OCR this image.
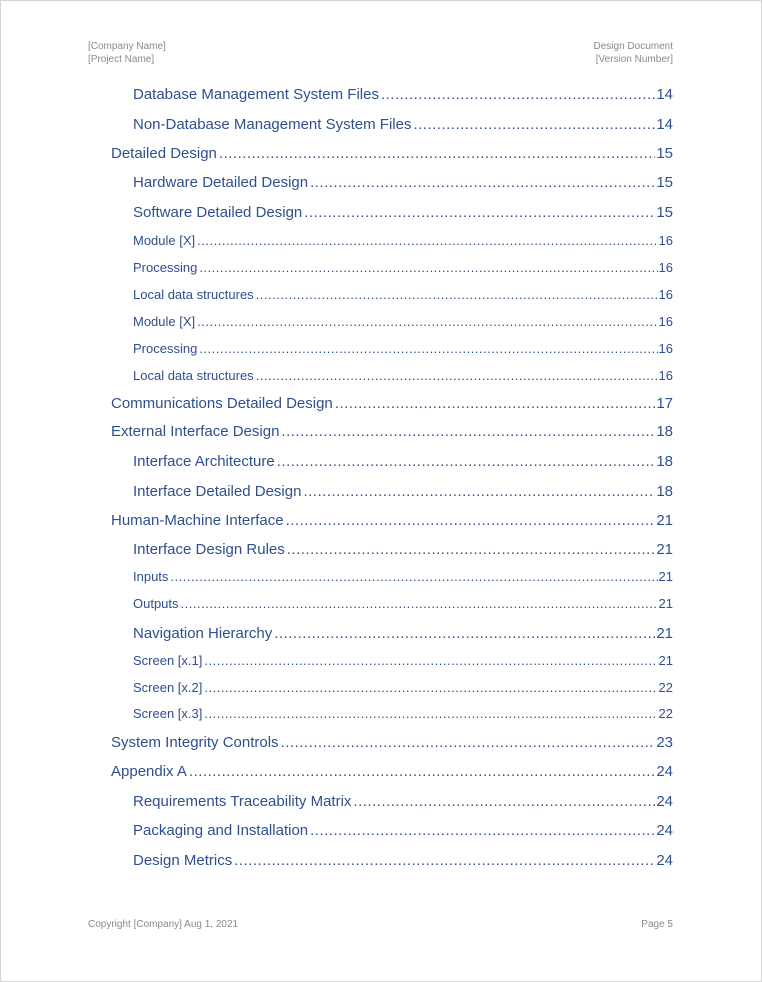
[Company Name]
[Project Name]
Design Document
[Version Number]
Database Management System Files .....	14
Non-Database Management System Files .....	14
Detailed Design .....	15
Hardware Detailed Design .....	15
Software Detailed Design .....	15
Module [X] .....	16
Processing .....	16
Local data structures .....	16
Module [X] .....	16
Processing .....	16
Local data structures .....	16
Communications Detailed Design .....	17
External Interface Design .....	18
Interface Architecture .....	18
Interface Detailed Design .....	18
Human-Machine Interface .....	21
Interface Design Rules .....	21
Inputs .....	21
Outputs .....	21
Navigation Hierarchy .....	21
Screen [x.1] .....	21
Screen [x.2] .....	22
Screen [x.3] .....	22
System Integrity Controls .....	23
Appendix A .....	24
Requirements Traceability Matrix .....	24
Packaging and Installation .....	24
Design Metrics .....	24
Copyright [Company] Aug 1, 2021	Page 5
